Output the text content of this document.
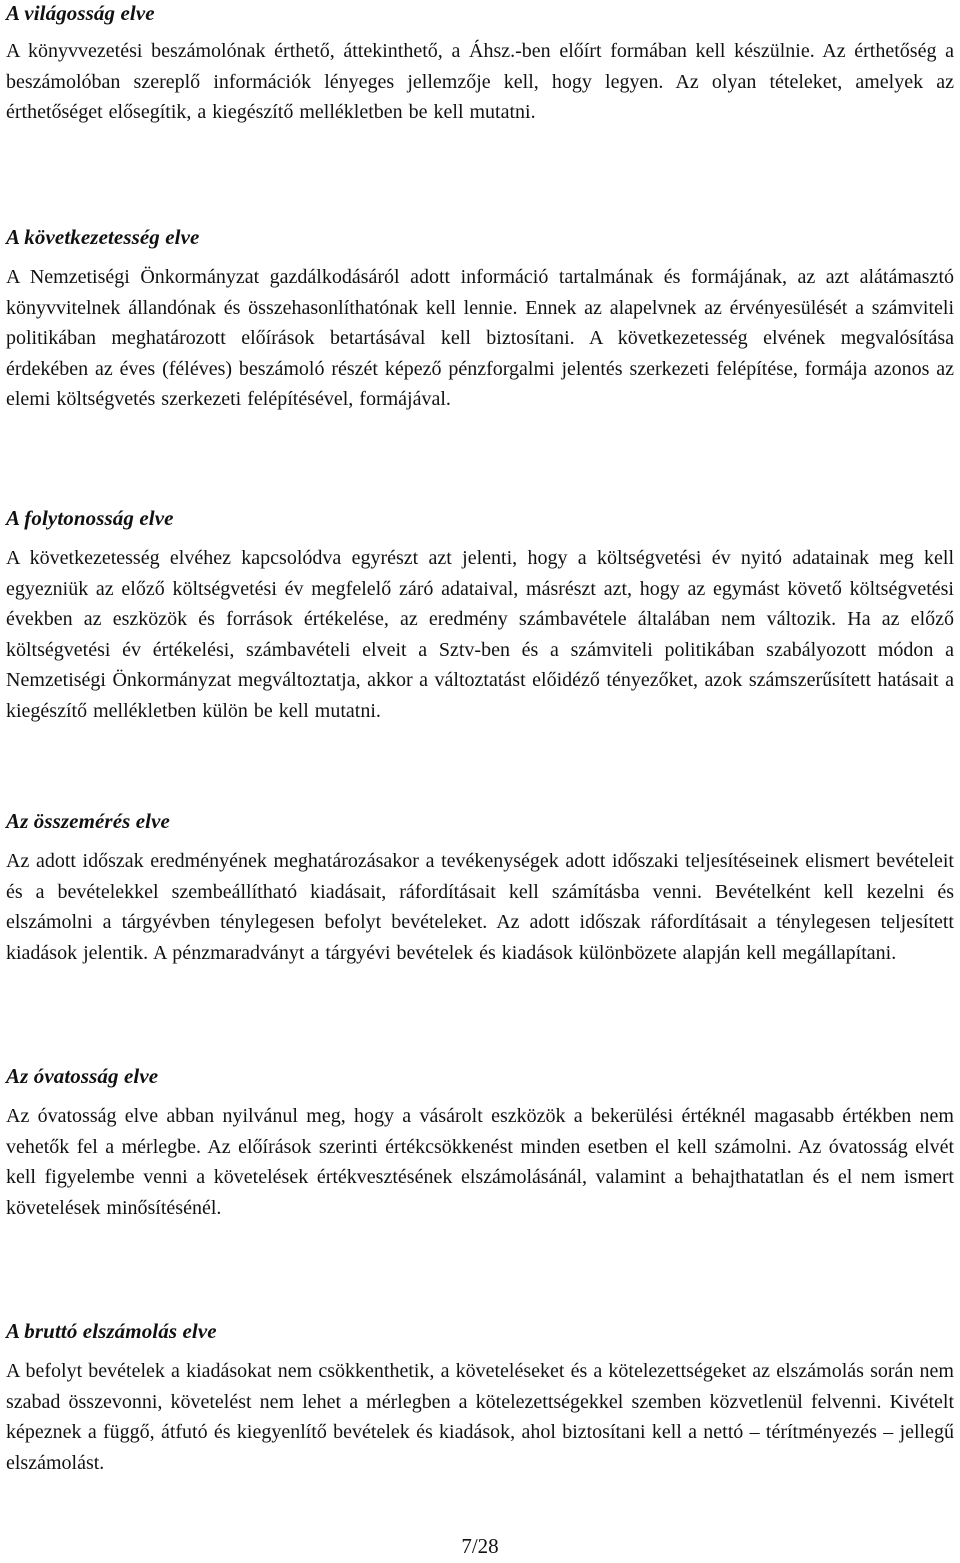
A világosság elve

A könyvvezetési beszámolónak érthető, áttekinthető, a Áhsz.-ben előírt formában kell készülnie. Az érthetőség a beszámolóban szereplő információk lényeges jellemzője kell, hogy legyen. Az olyan tételeket, amelyek az érthetőséget elősegítik, a kiegészítő mellékletben be kell mutatni.

A következetesség elve

A Nemzetiségi Önkormányzat gazdálkodásáról adott információ tartalmának és formájának, az azt alátámasztó könyvvitelnek állandónak és összehasonlíthatónak kell lennie. Ennek az alapelvnek az érvényesülését a számviteli politikában meghatározott előírások betartásával kell biztosítani. A következetesség elvének megvalósítása érdekében az éves (féléves) beszámoló részét képező pénzforgalmi jelentés szerkezeti felépítése, formája azonos az elemi költségvetés szerkezeti felépítésével, formájával.

A folytonosság elve

A következetesség elvéhez kapcsolódva egyrészt azt jelenti, hogy a költségvetési év nyitó adatainak meg kell egyezniük az előző költségvetési év megfelelő záró adataival, másrészt azt, hogy az egymást követő költségvetési években az eszközök és források értékelése, az eredmény számbavétele általában nem változik. Ha az előző költségvetési év értékelési, számbavételi elveit a Sztv-ben és a számviteli politikában szabályozott módon a Nemzetiségi Önkormányzat megváltoztatja, akkor a változtatást előidéző tényezőket, azok számszerűsített hatásait a kiegészítő mellékletben külön be kell mutatni.

Az összemérés elve

Az adott időszak eredményének meghatározásakor a tevékenységek adott időszaki teljesítéseinek elismert bevételeit és a bevételekkel szembeállítható kiadásait, ráfordításait kell számításba venni. Bevételként kell kezelni és elszámolni a tárgyévben ténylegesen befolyt bevételeket. Az adott időszak ráfordításait a ténylegesen teljesített kiadások jelentik. A pénzmaradványt a tárgyévi bevételek és kiadások különbözete alapján kell megállapítani.

Az óvatosság elve

Az óvatosság elve abban nyilvánul meg, hogy a vásárolt eszközök a bekerülési értéknél magasabb értékben nem vehetők fel a mérlegbe. Az előírások szerinti értékcsökkenést minden esetben el kell számolni. Az óvatosság elvét kell figyelembe venni a követelések értékvesztésének elszámolásánál, valamint a behajthatatlan és el nem ismert követelések minősítésénél.

A bruttó elszámolás elve

A befolyt bevételek a kiadásokat nem csökkenthetik, a követeléseket és a kötelezettségeket az elszámolás során nem szabad összevonni, követelést nem lehet a mérlegben a kötelezettségekkel szemben közvetlenül felvenni. Kivételt képeznek a függő, átfutó és kiegyenlítő bevételek és kiadások, ahol biztosítani kell a nettó – térítményezés – jellegű elszámolást.

7/28
